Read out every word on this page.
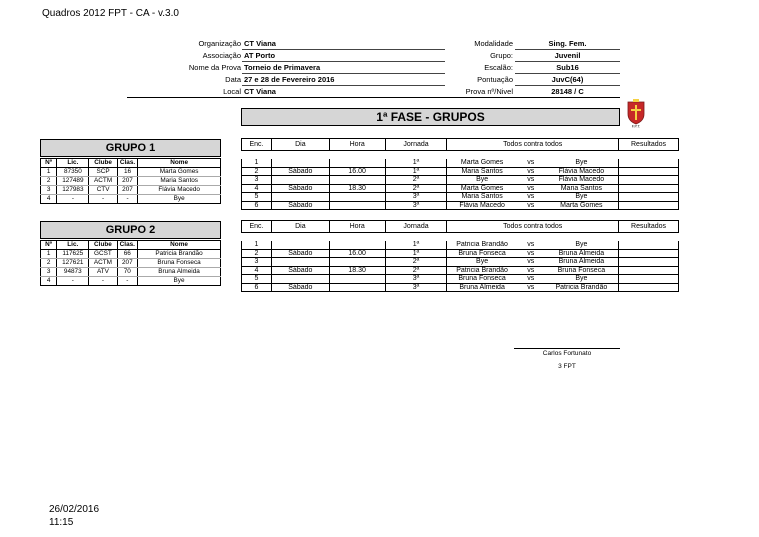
Quadros 2012 FPT - CA - v.3.0
Organização CT Viana
Associação AT Porto
Nome da Prova Torneio de Primavera
Data 27 e 28 de Fevereiro 2016
Local CT Viana
Modalidade	Sing. Fem.
Grupo:	Juvenil
Escalão:	Sub16
Pontuação	JuvC(64)
Prova nº/Nivel	28148 / C
1ª FASE - GRUPOS
F.P.T.
GRUPO 1
Nº	Lic.	Clube	Clas.	Nome
1	87350	SCP	16	Marta Gomes
2	127489	ACTM	207	Maria Santos
3	127983	CTV	207	Flávia Macedo
4	-	-	-	Bye
Enc.	Dia	Hora	Jornada	Todos contra todos			Resultados

1			1ª	Marta Gomes	vs	Bye	
2	Sábado	16.00	1ª	Maria Santos	vs	Flávia Macedo	
3			2ª	Bye	vs	Flávia Macedo	
4	Sábado	18.30	2ª	Marta Gomes	vs	Maria Santos	
5			3ª	Maria Santos	vs	Bye	
6	Sábado		3ª	Flávia Macedo	vs	Marta Gomes	
GRUPO 2
Nº	Lic.	Clube	Clas.	Nome
1	117625	GCST	66	Patricia Brandão
2	127621	ACTM	207	Bruna Fonseca
3	94873	ATV	70	Bruna Almeida
4	-	-	-	Bye
Enc.	Dia	Hora	Jornada	Todos contra todos			Resultados

1			1ª	Patricia Brandão	vs	Bye	
2	Sábado	16.00	1ª	Bruna Fonseca	vs	Bruna Almeida	
3			2ª	Bye	vs	Bruna Almeida	
4	Sábado	18.30	2ª	Patricia Brandão	vs	Bruna Fonseca	
5			3ª	Bruna Fonseca	vs	Bye	
6	Sábado		3ª	Bruna Almeida	vs	Patricia Brandão	
Carlos Fortunato
3 FPT
26/02/2016
11:15
